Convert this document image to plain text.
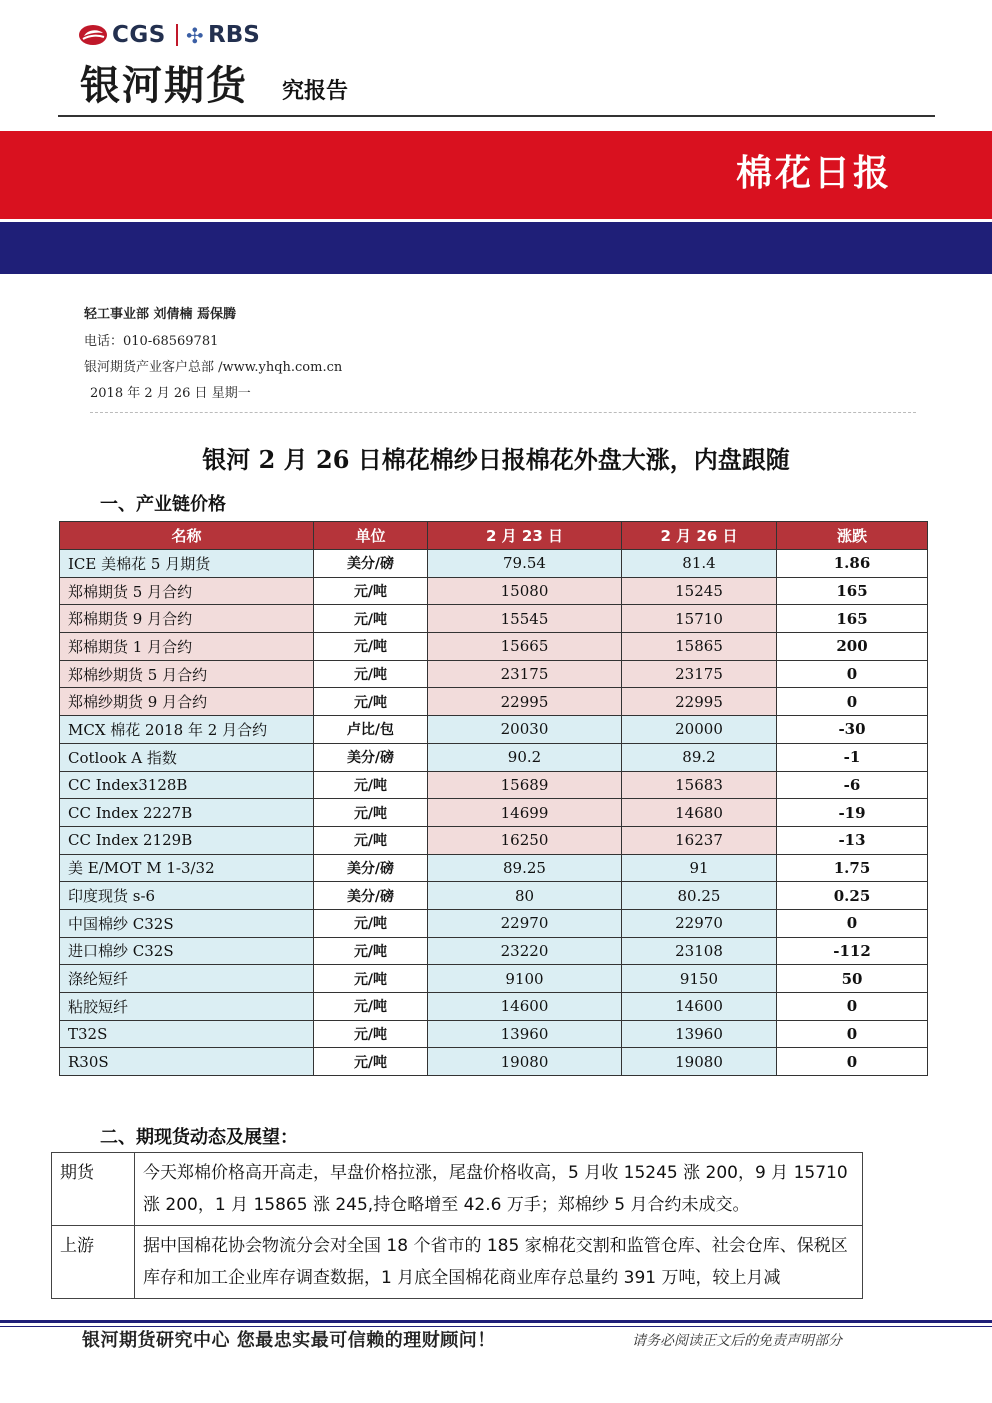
CGS ✣ RBS
银河期货 究报告
棉花日报
轻工事业部 刘倩楠 焉保腾
电话：010-68569781
银河期货产业客户总部 /www.yhqh.com.cn
2018 年 2 月 26 日 星期一
银河 2 月 26 日棉花棉纱日报棉花外盘大涨，内盘跟随
一、产业链价格
名称	单位	2 月 23 日	2 月 26 日	涨跌
ICE 美棉花 5 月期货	美分/磅	79.54	81.4	1.86
郑棉期货 5 月合约	元/吨	15080	15245	165
郑棉期货 9 月合约	元/吨	15545	15710	165
郑棉期货 1 月合约	元/吨	15665	15865	200
郑棉纱期货 5 月合约	元/吨	23175	23175	0
郑棉纱期货 9 月合约	元/吨	22995	22995	0
MCX 棉花 2018 年 2 月合约	卢比/包	20030	20000	-30
Cotlook A 指数	美分/磅	90.2	89.2	-1
CC Index3128B	元/吨	15689	15683	-6
CC Index 2227B	元/吨	14699	14680	-19
CC Index 2129B	元/吨	16250	16237	-13
美 E/MOT M 1-3/32	美分/磅	89.25	91	1.75
印度现货 s-6	美分/磅	80	80.25	0.25
中国棉纱 C32S	元/吨	22970	22970	0
进口棉纱 C32S	元/吨	23220	23108	-112
涤纶短纤	元/吨	9100	9150	50
粘胶短纤	元/吨	14600	14600	0
T32S	元/吨	13960	13960	0
R30S	元/吨	19080	19080	0
二、期现货动态及展望：
期货	今天郑棉价格高开高走，早盘价格拉涨，尾盘价格收高，5 月收 15245 涨 200，9 月 15710 涨 200，1 月 15865 涨 245,持仓略增至 42.6 万手；郑棉纱 5 月合约未成交。
上游	据中国棉花协会物流分会对全国 18 个省市的 185 家棉花交割和监管仓库、社会仓库、保税区库存和加工企业库存调查数据，1 月底全国棉花商业库存总量约 391 万吨，较上月减
银河期货研究中心 您最忠实最可信赖的理财顾问！	请务必阅读正文后的免责声明部分
